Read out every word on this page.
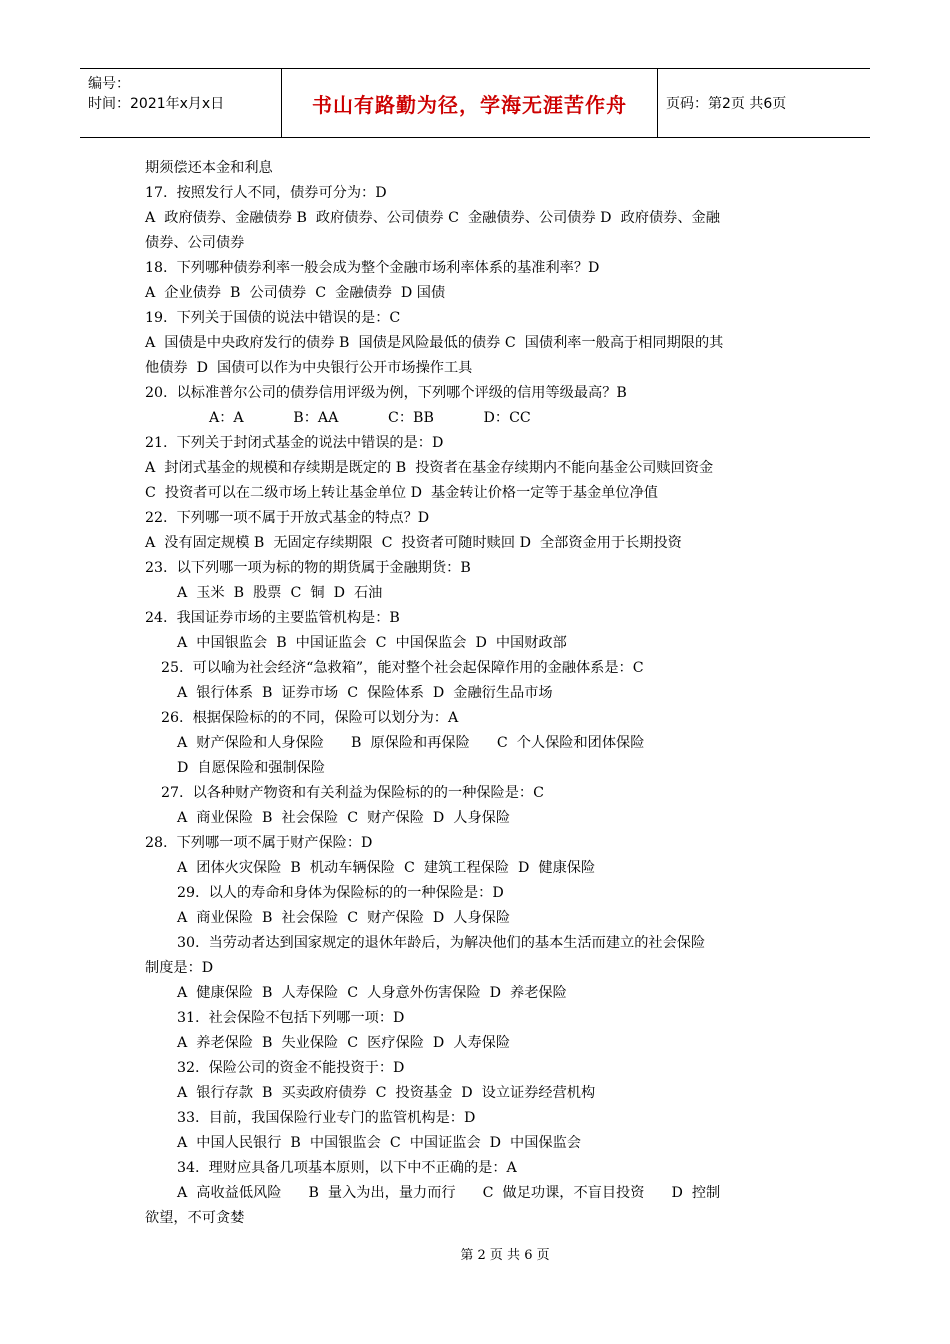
编号：
时间：2021年x月x日	书山有路勤为径，学海无涯苦作舟	页码：第2页 共6页
期须偿还本金和利息
17.  按照发行人不同，债券可分为：D
A  政府债券、金融债券 B  政府债券、公司债券 C  金融债券、公司债券 D  政府债券、金融
债券、公司债券
18.  下列哪种债券利率一般会成为整个金融市场利率体系的基准利率？D
A  企业债券  B  公司债券  C  金融债券  D 国债
19.  下列关于国债的说法中错误的是：C
A  国债是中央政府发行的债券 B  国债是风险最低的债券 C  国债利率一般高于相同期限的其
他债券  D  国债可以作为中央银行公开市场操作工具
20.  以标准普尔公司的债券信用评级为例，下列哪个评级的信用等级最高？B
A：A           B：AA           C：BB           D：CC
21.  下列关于封闭式基金的说法中错误的是：D
A  封闭式基金的规模和存续期是既定的 B  投资者在基金存续期内不能向基金公司赎回资金
C  投资者可以在二级市场上转让基金单位 D  基金转让价格一定等于基金单位净值
22.  下列哪一项不属于开放式基金的特点？D
A  没有固定规模 B  无固定存续期限  C  投资者可随时赎回 D  全部资金用于长期投资
23.  以下列哪一项为标的物的期货属于金融期货：B
A  玉米  B  股票  C  铜  D  石油
24.  我国证券市场的主要监管机构是：B
A  中国银监会  B  中国证监会  C  中国保监会  D  中国财政部
25.  可以喻为社会经济“急救箱”，能对整个社会起保障作用的金融体系是：C
A  银行体系  B  证券市场  C  保险体系  D  金融衍生品市场
26.  根据保险标的的不同，保险可以划分为：A
A  财产保险和人身保险      B  原保险和再保险      C  个人保险和团体保险
D  自愿保险和强制保险
27.  以各种财产物资和有关利益为保险标的的一种保险是：C
A  商业保险  B  社会保险  C  财产保险  D  人身保险
28.  下列哪一项不属于财产保险：D
A  团体火灾保险  B  机动车辆保险  C  建筑工程保险  D  健康保险
29.  以人的寿命和身体为保险标的的一种保险是：D
A  商业保险  B  社会保险  C  财产保险  D  人身保险
30.  当劳动者达到国家规定的退休年龄后，为解决他们的基本生活而建立的社会保险
制度是：D
A  健康保险  B  人寿保险  C  人身意外伤害保险  D  养老保险
31.  社会保险不包括下列哪一项：D
A  养老保险  B  失业保险  C  医疗保险  D  人寿保险
32.  保险公司的资金不能投资于：D
A  银行存款  B  买卖政府债券  C  投资基金  D  设立证券经营机构
33.  目前，我国保险行业专门的监管机构是：D
A  中国人民银行  B  中国银监会  C  中国证监会  D  中国保监会
34.  理财应具备几项基本原则，以下中不正确的是：A
A  高收益低风险      B  量入为出，量力而行      C  做足功课，不盲目投资      D  控制
欲望，不可贪婪
第 2 页 共 6 页
